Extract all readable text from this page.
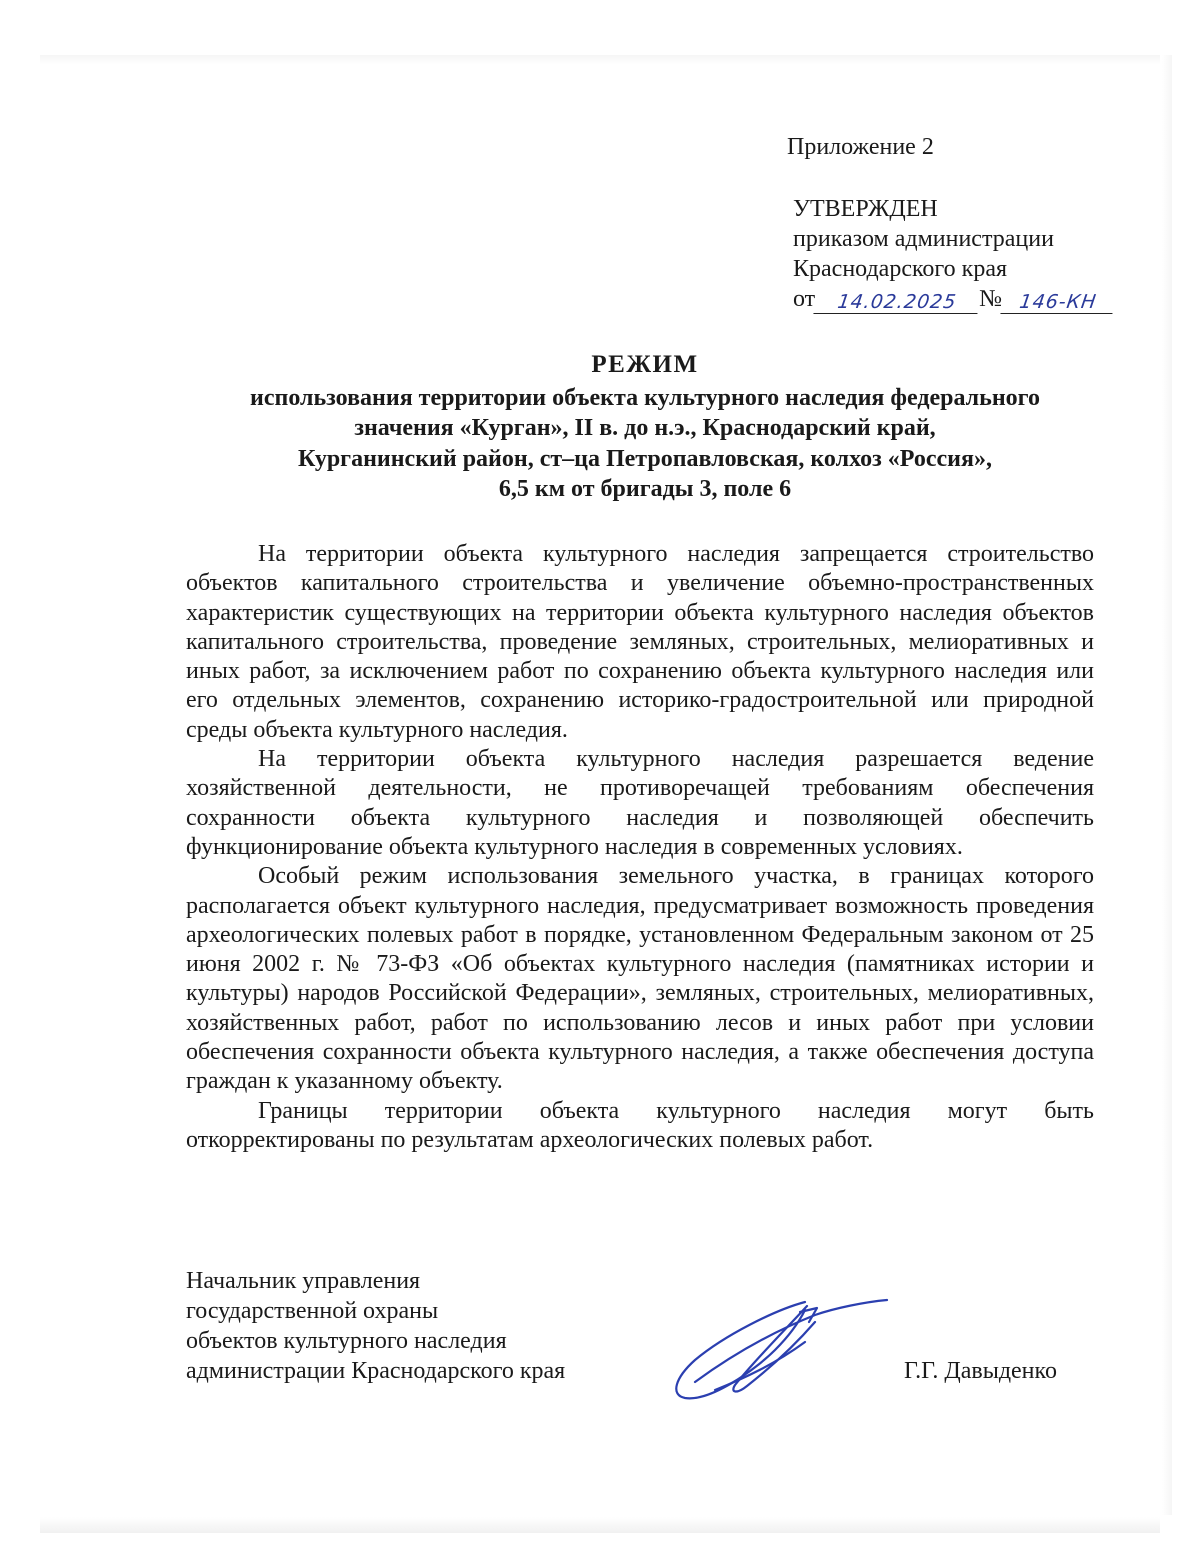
Приложение 2
УТВЕРЖДЕН
приказом администрации
Краснодарского края
от	14.02.2025 № 146-КН
РЕЖИМ
использования территории объекта культурного наследия федерального
значения «Курган», II в. до н.э., Краснодарский край,
Курганинский район, ст–ца Петропавловская, колхоз «Россия»,
6,5 км от бригады 3, поле 6

На территории объекта культурного наследия запрещается строительство объектов капитального строительства и увеличение объемно-пространственных характеристик существующих на территории объекта культурного наследия объектов капитального строительства, проведение земляных, строительных, мелиоративных и иных работ, за исключением работ по сохранению объекта культурного наследия или его отдельных элементов, сохранению историко-градостроительной или природной среды объекта культурного наследия.

На территории объекта культурного наследия разрешается ведение хозяйственной деятельности, не противоречащей требованиям обеспечения сохранности объекта культурного наследия и позволяющей обеспечить функционирование объекта культурного наследия в современных условиях.

Особый режим использования земельного участка, в границах которого располагается объект культурного наследия, предусматривает возможность проведения археологических полевых работ в порядке, установленном Федеральным законом от 25 июня 2002 г. № 73-ФЗ «Об объектах культурного наследия (памятниках истории и культуры) народов Российской Федерации», земляных, строительных, мелиоративных, хозяйственных работ, работ по использованию лесов и иных работ при условии обеспечения сохранности объекта культурного наследия, а также обеспечения доступа граждан к указанному объекту.

Границы территории объекта культурного наследия могут быть откорректированы по результатам археологических полевых работ.

Начальник управления
государственной охраны
объектов культурного наследия
администрации Краснодарского края	Г.Г. Давыденко
